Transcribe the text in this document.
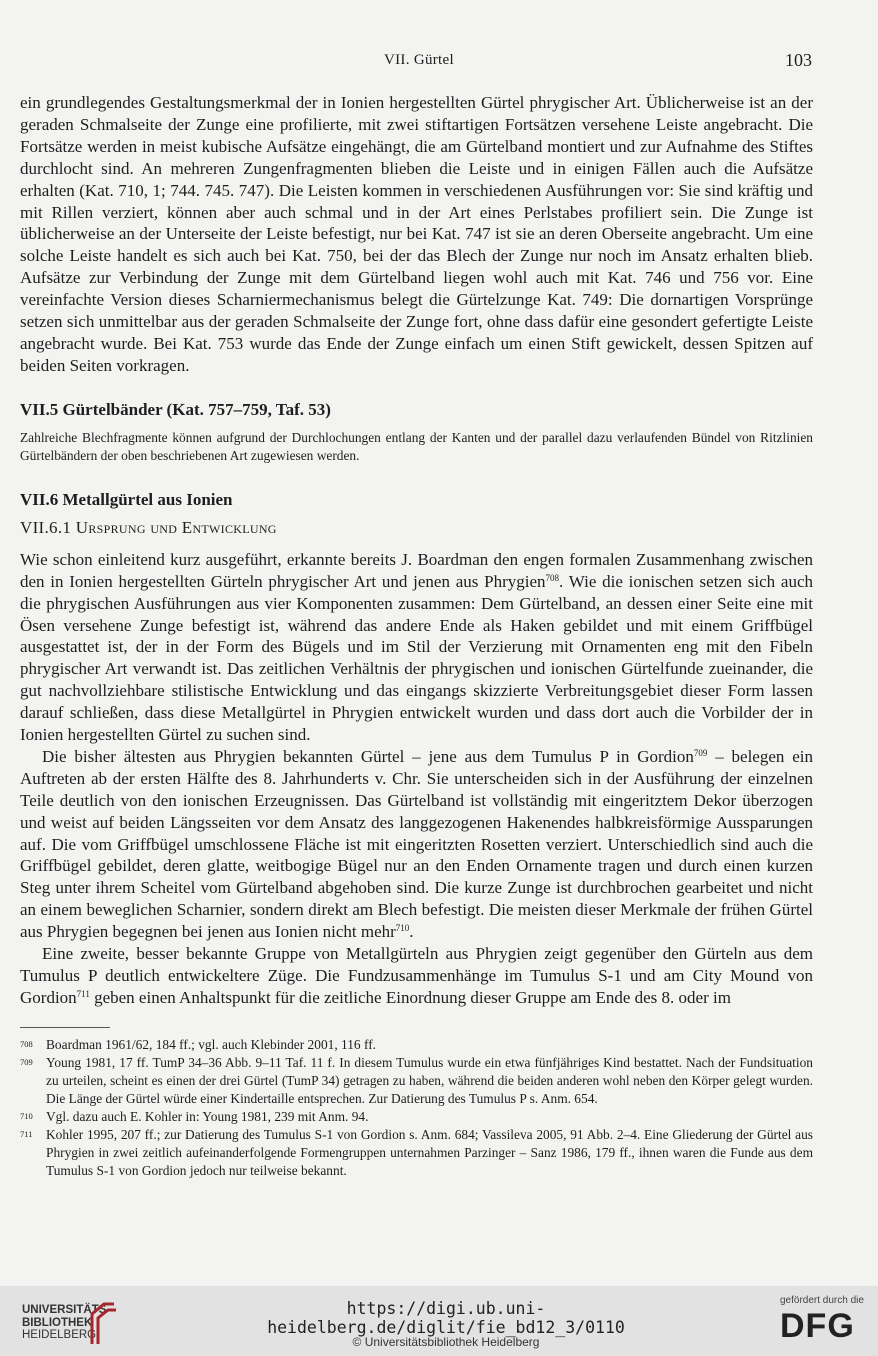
VII. Gürtel	103

ein grundlegendes Gestaltungsmerkmal der in Ionien hergestellten Gürtel phrygischer Art. Üblicherweise ist an der geraden Schmalseite der Zunge eine profilierte, mit zwei stiftartigen Fortsätzen versehene Leiste angebracht. Die Fortsätze werden in meist kubische Aufsätze eingehängt, die am Gürtelband montiert und zur Aufnahme des Stiftes durchlocht sind. An mehreren Zungenfragmenten blieben die Leiste und in einigen Fällen auch die Aufsätze erhalten (Kat. 710, 1; 744. 745. 747). Die Leisten kommen in verschiedenen Ausführungen vor: Sie sind kräftig und mit Rillen verziert, können aber auch schmal und in der Art eines Perlstabes profiliert sein. Die Zunge ist üblicherweise an der Unterseite der Leiste befestigt, nur bei Kat. 747 ist sie an deren Oberseite angebracht. Um eine solche Leiste handelt es sich auch bei Kat. 750, bei der das Blech der Zunge nur noch im Ansatz erhalten blieb. Aufsätze zur Verbindung der Zunge mit dem Gürtelband liegen wohl auch mit Kat. 746 und 756 vor. Eine vereinfachte Version dieses Scharniermechanismus belegt die Gürtelzunge Kat. 749: Die dornartigen Vorsprünge setzen sich unmittelbar aus der geraden Schmalseite der Zunge fort, ohne dass dafür eine gesondert gefertigte Leiste angebracht wurde. Bei Kat. 753 wurde das Ende der Zunge einfach um einen Stift gewickelt, dessen Spitzen auf beiden Seiten vorkragen.

VII.5 Gürtelbänder (Kat. 757–759, Taf. 53)

Zahlreiche Blechfragmente können aufgrund der Durchlochungen entlang der Kanten und der parallel dazu verlaufenden Bündel von Ritzlinien Gürtelbändern der oben beschriebenen Art zugewiesen werden.

VII.6 Metallgürtel aus Ionien
VII.6.1 Ursprung und Entwicklung

Wie schon einleitend kurz ausgeführt, erkannte bereits J. Boardman den engen formalen Zusammenhang zwischen den in Ionien hergestellten Gürteln phrygischer Art und jenen aus Phrygien$^{708}$. Wie die ionischen setzen sich auch die phrygischen Ausführungen aus vier Komponenten zusammen: Dem Gürtelband, an dessen einer Seite eine mit Ösen versehene Zunge befestigt ist, während das andere Ende als Haken gebildet und mit einem Griffbügel ausgestattet ist, der in der Form des Bügels und im Stil der Verzierung mit Ornamenten eng mit den Fibeln phrygischer Art verwandt ist. Das zeitlichen Verhältnis der phrygischen und ionischen Gürtelfunde zueinander, die gut nachvollziehbare stilistische Entwicklung und das eingangs skizzierte Verbreitungsgebiet dieser Form lassen darauf schließen, dass diese Metallgürtel in Phrygien entwickelt wurden und dass dort auch die Vorbilder der in Ionien hergestellten Gürtel zu suchen sind.

Die bisher ältesten aus Phrygien bekannten Gürtel – jene aus dem Tumulus P in Gordion$^{709}$ – belegen ein Auftreten ab der ersten Hälfte des 8. Jahrhunderts v. Chr. Sie unterscheiden sich in der Ausführung der einzelnen Teile deutlich von den ionischen Erzeugnissen. Das Gürtelband ist vollständig mit eingeritztem Dekor überzogen und weist auf beiden Längsseiten vor dem Ansatz des langgezogenen Hakenendes halbkreisförmige Aussparungen auf. Die vom Griffbügel umschlossene Fläche ist mit eingeritzten Rosetten verziert. Unterschiedlich sind auch die Griffbügel gebildet, deren glatte, weitbogige Bügel nur an den Enden Ornamente tragen und durch einen kurzen Steg unter ihrem Scheitel vom Gürtelband abgehoben sind. Die kurze Zunge ist durchbrochen gearbeitet und nicht an einem beweglichen Scharnier, sondern direkt am Blech befestigt. Die meisten dieser Merkmale der frühen Gürtel aus Phrygien begegnen bei jenen aus Ionien nicht mehr$^{710}$.

Eine zweite, besser bekannte Gruppe von Metallgürteln aus Phrygien zeigt gegenüber den Gürteln aus dem Tumulus P deutlich entwickeltere Züge. Die Fundzusammenhänge im Tumulus S-1 und am City Mound von Gordion$^{711}$ geben einen Anhaltspunkt für die zeitliche Einordnung dieser Gruppe am Ende des 8. oder im

708 Boardman 1961/62, 184 ff.; vgl. auch Klebinder 2001, 116 ff.
709 Young 1981, 17 ff. TumP 34–36 Abb. 9–11 Taf. 11 f. In diesem Tumulus wurde ein etwa fünfjähriges Kind bestattet. Nach der Fundsituation zu urteilen, scheint es einen der drei Gürtel (TumP 34) getragen zu haben, während die beiden anderen wohl neben den Körper gelegt wurden. Die Länge der Gürtel würde einer Kindertaille entsprechen. Zur Datierung des Tumulus P s. Anm. 654.
710 Vgl. dazu auch E. Kohler in: Young 1981, 239 mit Anm. 94.
711 Kohler 1995, 207 ff.; zur Datierung des Tumulus S-1 von Gordion s. Anm. 684; Vassileva 2005, 91 Abb. 2–4. Eine Gliederung der Gürtel aus Phrygien in zwei zeitlich aufeinanderfolgende Formengruppen unternahmen Parzinger – Sanz 1986, 179 ff., ihnen waren die Funde aus dem Tumulus S-1 von Gordion jedoch nur teilweise bekannt.
UNIVERSITÄTS-
BIBLIOTHEK
HEIDELBERG
https://digi.ub.uni-heidelberg.de/diglit/fie_bd12_3/0110
© Universitätsbibliothek Heidelberg
gefördert durch die
DFG
